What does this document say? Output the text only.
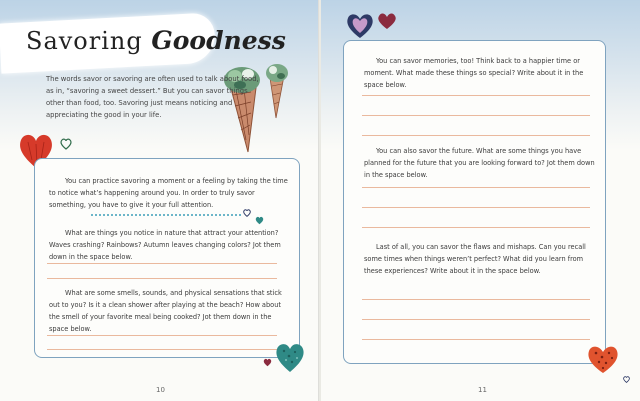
Savoring Goodness
The words savor or savoring are often used to talk about food, as in, “savoring a sweet dessert.” But you can savor things other than food, too. Savoring just means noticing and appreciating the good in your life.
You can practice savoring a moment or a feeling by taking the time to notice what’s happening around you. In order to truly savor something, you have to give it your full attention.
What are things you notice in nature that attract your attention? Waves crashing? Rainbows? Autumn leaves changing colors? Jot them down in the space below.
What are some smells, sounds, and physical sensations that stick out to you? Is it a clean shower after playing at the beach? How about the smell of your favorite meal being cooked? Jot them down in the space below.
10
You can savor memories, too! Think back to a happier time or moment. What made these things so special? Write about it in the space below.
You can also savor the future. What are some things you have planned for the future that you are looking forward to? Jot them down in the space below.
Last of all, you can savor the flaws and mishaps. Can you recall some times when things weren’t perfect? What did you learn from these experiences? Write about it in the space below.
11
